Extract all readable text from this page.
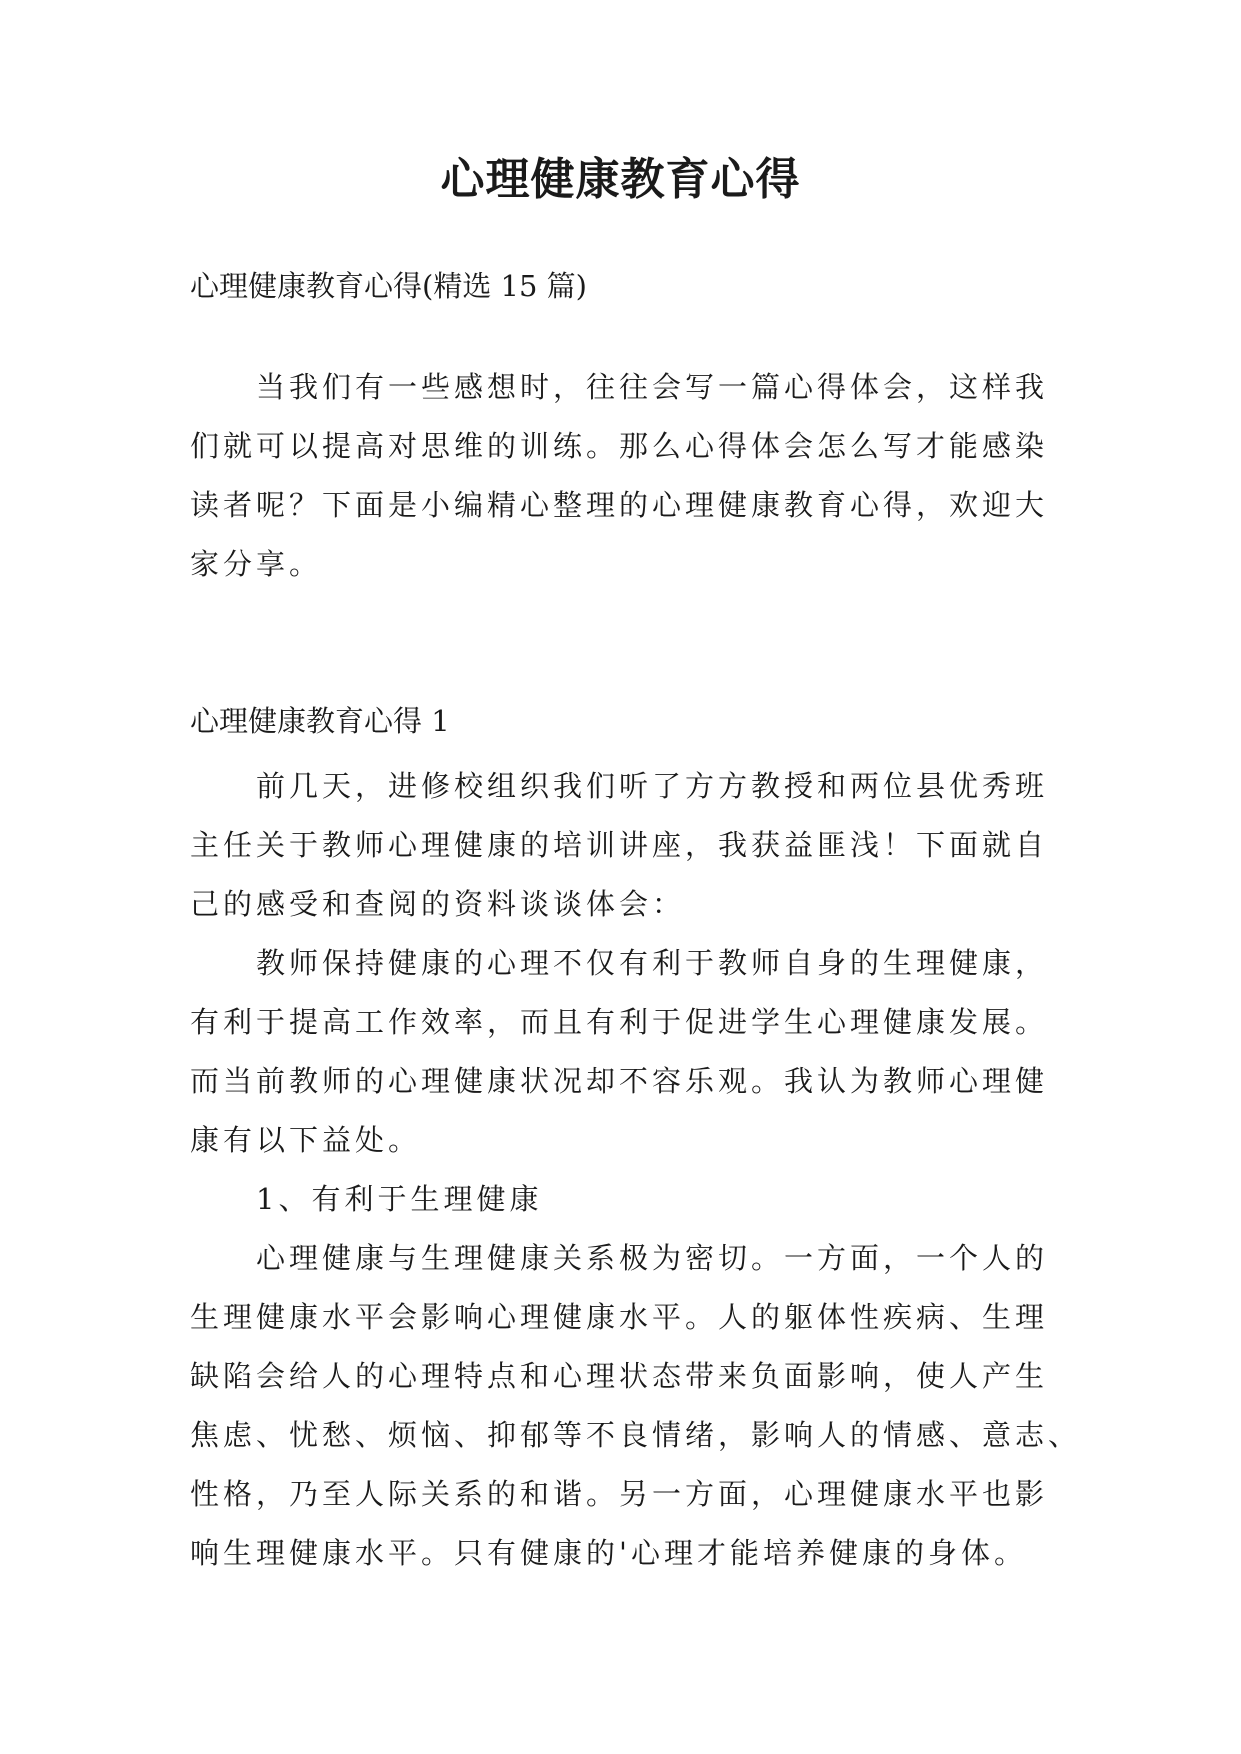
心理健康教育心得
心理健康教育心得(精选 15 篇)
当我们有一些感想时，往往会写一篇心得体会，这样我
们就可以提高对思维的训练。那么心得体会怎么写才能感染
读者呢？下面是小编精心整理的心理健康教育心得，欢迎大
家分享。
心理健康教育心得 1
前几天，进修校组织我们听了方方教授和两位县优秀班
主任关于教师心理健康的培训讲座，我获益匪浅！下面就自
己的感受和查阅的资料谈谈体会：
教师保持健康的心理不仅有利于教师自身的生理健康，
有利于提高工作效率，而且有利于促进学生心理健康发展。
而当前教师的心理健康状况却不容乐观。我认为教师心理健
康有以下益处。
1、有利于生理健康
心理健康与生理健康关系极为密切。一方面，一个人的
生理健康水平会影响心理健康水平。人的躯体性疾病、生理
缺陷会给人的心理特点和心理状态带来负面影响，使人产生
焦虑、忧愁、烦恼、抑郁等不良情绪，影响人的情感、意志、
性格，乃至人际关系的和谐。另一方面，心理健康水平也影
响生理健康水平。只有健康的'心理才能培养健康的身体。
